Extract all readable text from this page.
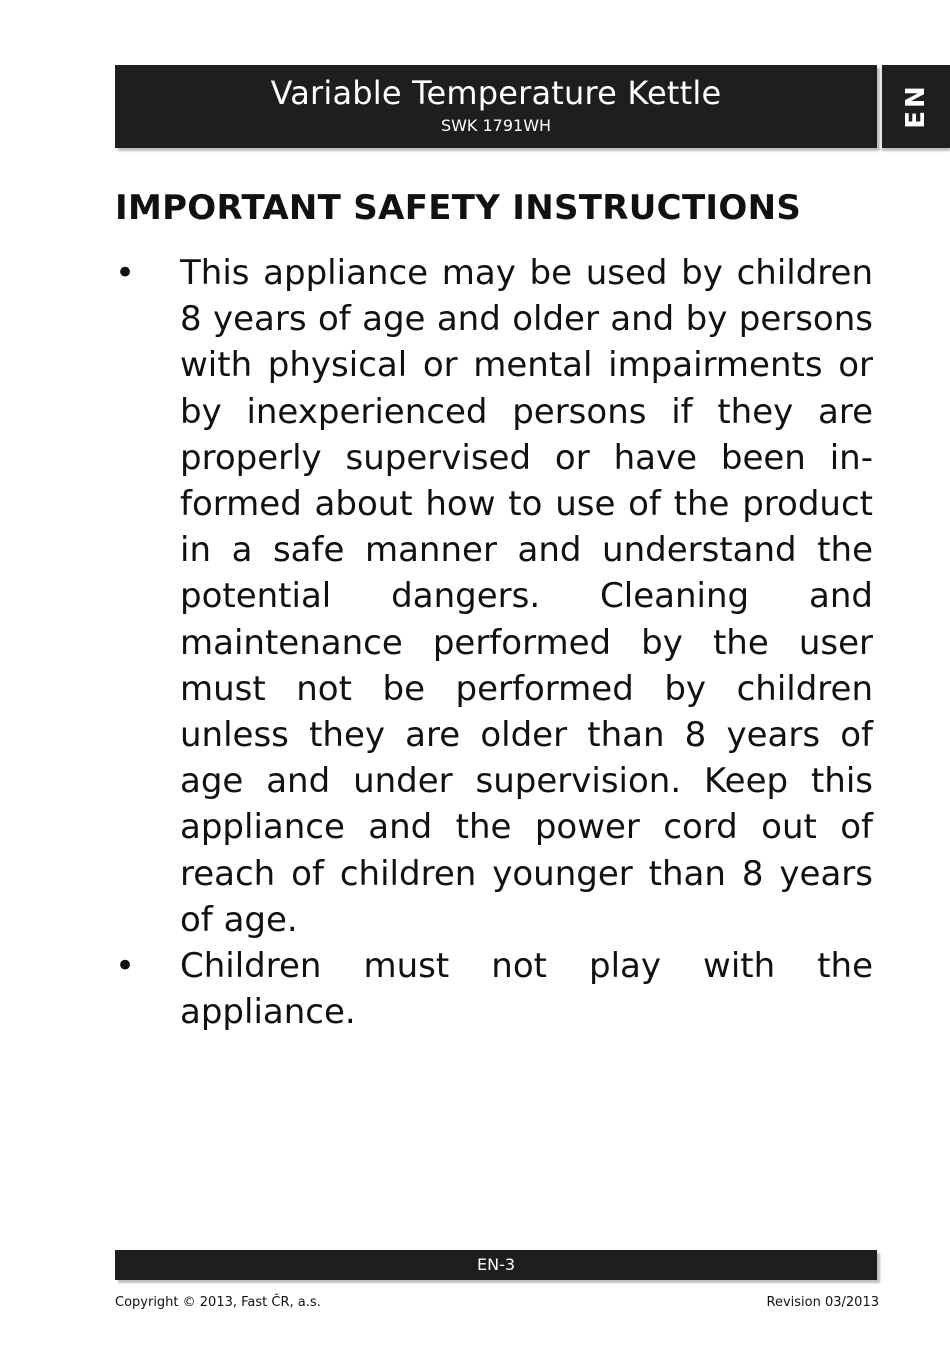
Variable Temperature Kettle
SWK 1791WH	EN
IMPORTANT SAFETY INSTRUCTIONS
• This appliance may be used by children 8 years of age and older and by persons with physical or mental impairments or by inexperienced persons if they are properly supervised or have been informed about how to use of the product in a safe manner and understand the potential dangers. Cleaning and maintenance performed by the user must not be performed by children unless they are older than 8 years of age and under supervision. Keep this appliance and the power cord out of reach of children younger than 8 years of age.
• Children must not play with the appliance.
EN-3
Copyright © 2013, Fast ČR, a.s.	Revision 03/2013
